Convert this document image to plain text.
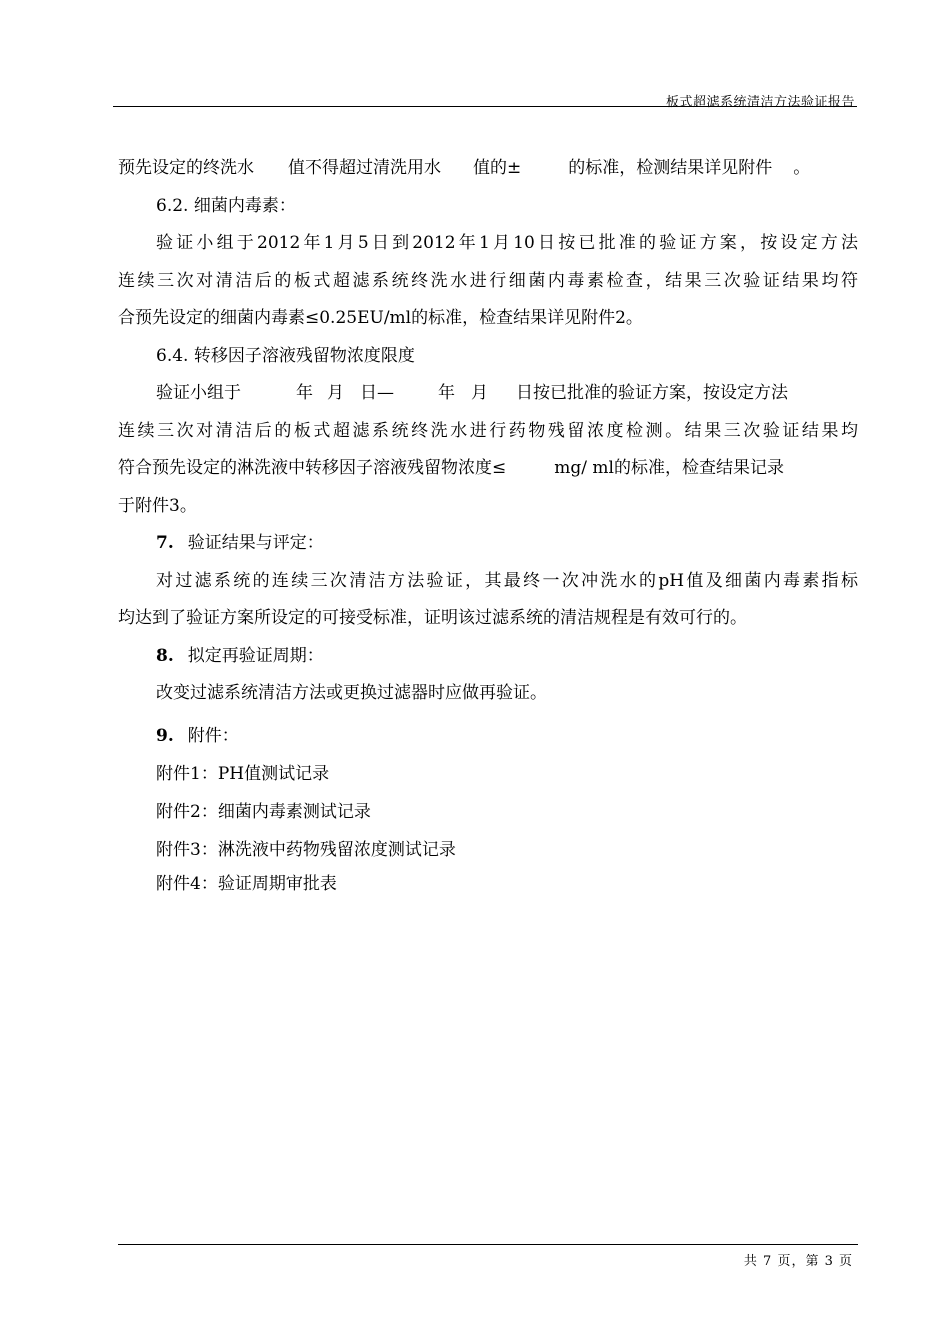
板式超滤系统清洁方法验证报告
预先设定的终洗水 值不得超过清洗用水 值的±	的标准，检测结果详见附件 。
6.2. 细菌内毒素：
验证小组于2012年1月5日到2012年1月10日按已批准的验证方案，按设定方法
连续三次对清洁后的板式超滤系统终洗水进行细菌内毒素检查，结果三次验证结果均符
合预先设定的细菌内毒素≤0.25EU/ml的标准，检查结果详见附件2。
6.4. 转移因子溶液残留物浓度限度
验证小组于	年 月 日—	年 月 日按已批准的验证方案，按设定方法
连续三次对清洁后的板式超滤系统终洗水进行药物残留浓度检测。结果三次验证结果均
符合预先设定的淋洗液中转移因子溶液残留物浓度≤	mg/ ml的标准，检查结果记录
于附件3。
7. 验证结果与评定：
对过滤系统的连续三次清洁方法验证，其最终一次冲洗水的pH值及细菌内毒素指标
均达到了验证方案所设定的可接受标准，证明该过滤系统的清洁规程是有效可行的。
8. 拟定再验证周期：
改变过滤系统清洁方法或更换过滤器时应做再验证。
9. 附件：
附件1：PH值测试记录
附件2：细菌内毒素测试记录
附件3：淋洗液中药物残留浓度测试记录
附件4：验证周期审批表
共 7 页，第 3 页
